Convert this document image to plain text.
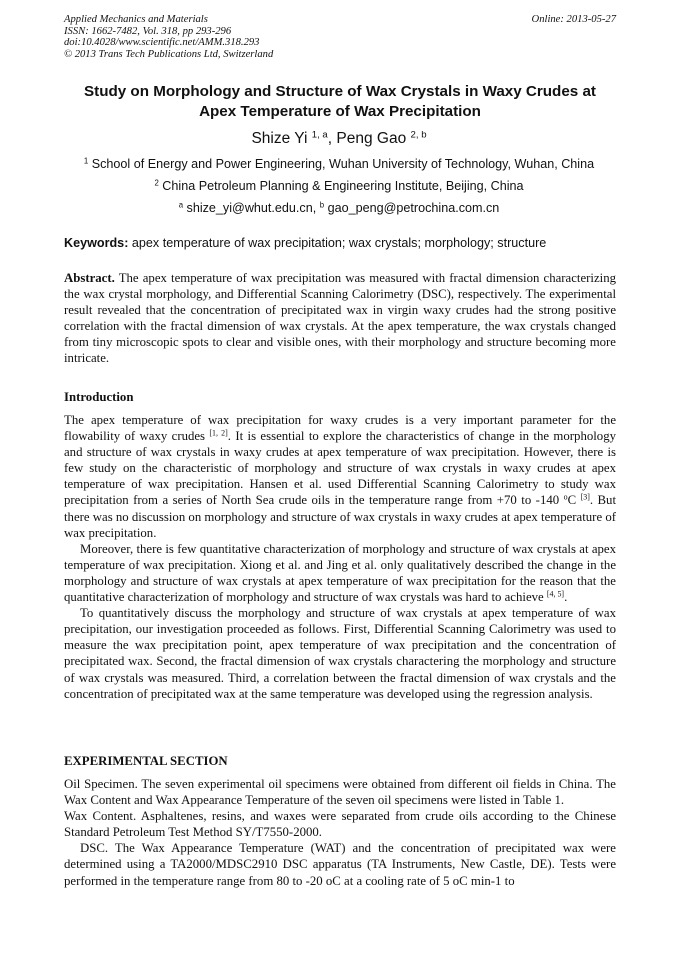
Applied Mechanics and Materials
ISSN: 1662-7482, Vol. 318, pp 293-296
doi:10.4028/www.scientific.net/AMM.318.293
© 2013 Trans Tech Publications Ltd, Switzerland
Online: 2013-05-27
Study on Morphology and Structure of Wax Crystals in Waxy Crudes at
Apex Temperature of Wax Precipitation
Shize Yi $^{1, a}$, Peng Gao $^{2, b}$
$^1$ School of Energy and Power Engineering, Wuhan University of Technology, Wuhan, China
$^2$ China Petroleum Planning & Engineering Institute, Beijing, China
$^a$ shize_yi@whut.edu.cn, $^b$ gao_peng@petrochina.com.cn
Keywords: apex temperature of wax precipitation; wax crystals; morphology; structure
Abstract. The apex temperature of wax precipitation was measured with fractal dimension characterizing the wax crystal morphology, and Differential Scanning Calorimetry (DSC), respectively. The experimental result revealed that the concentration of precipitated wax in virgin waxy crudes had the strong positive correlation with the fractal dimension of wax crystals. At the apex temperature, the wax crystals changed from tiny microscopic spots to clear and visible ones, with their morphology and structure becoming more intricate.
Introduction

The apex temperature of wax precipitation for waxy crudes is a very important parameter for the flowability of waxy crudes [1, 2]. It is essential to explore the characteristics of change in the morphology and structure of wax crystals in waxy crudes at apex temperature of wax precipitation. However, there is few study on the characteristic of morphology and structure of wax crystals in waxy crudes at apex temperature of wax precipitation. Hansen et al. used Differential Scanning Calorimetry to study wax precipitation from a series of North Sea crude oils in the temperature range from +70 to -140 $^o$C [3]. But there was no discussion on morphology and structure of wax crystals in waxy crudes at apex temperature of wax precipitation.

Moreover, there is few quantitative characterization of morphology and structure of wax crystals at apex temperature of wax precipitation. Xiong et al. and Jing et al. only qualitatively described the change in the morphology and structure of wax crystals at apex temperature of wax precipitation for the reason that the quantitative characterization of morphology and structure of wax crystals was hard to achieve [4, 5].

To quantitatively discuss the morphology and structure of wax crystals at apex temperature of wax precipitation, our investigation proceeded as follows. First, Differential Scanning Calorimetry was used to measure the wax precipitation point, apex temperature of wax precipitation and the concentration of precipitated wax. Second, the fractal dimension of wax crystals charactering the morphology and structure of wax crystals was measured. Third, a correlation between the fractal dimension of wax crystals and the concentration of precipitated wax at the same temperature was developed using the regression analysis.

EXPERIMENTAL SECTION

Oil Specimen. The seven experimental oil specimens were obtained from different oil fields in China. The Wax Content and Wax Appearance Temperature of the seven oil specimens were listed in Table 1.

Wax Content. Asphaltenes, resins, and waxes were separated from crude oils according to the Chinese Standard Petroleum Test Method SY/T7550-2000.

DSC. The Wax Appearance Temperature (WAT) and the concentration of precipitated wax were determined using a TA2000/MDSC2910 DSC apparatus (TA Instruments, New Castle, DE). Tests were performed in the temperature range from 80 to -20 oC at a cooling rate of 5 oC min-1 to
